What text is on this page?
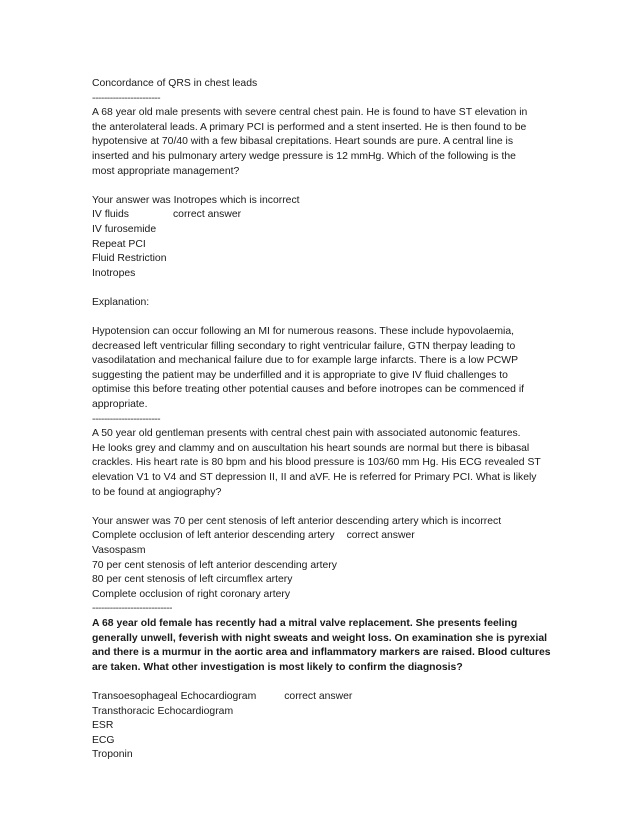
Concordance of QRS in chest leads
-----------------------
A 68 year old male presents with severe central chest pain. He is found to have ST elevation in
the anterolateral leads. A primary PCI is performed and a stent inserted. He is then found to be
hypotensive at 70/40 with a few bibasal crepitations. Heart sounds are pure. A central line is
inserted and his pulmonary artery wedge pressure is 12 mmHg. Which of the following is the
most appropriate management?
Your answer was Inotropes which is incorrect
IV fluids	correct answer
IV furosemide
Repeat PCI
Fluid Restriction
Inotropes
Explanation:
Hypotension can occur following an MI for numerous reasons. These include hypovolaemia,
decreased left ventricular filling secondary to right ventricular failure, GTN therpay leading to
vasodilatation and mechanical failure due to for example large infarcts. There is a low PCWP
suggesting the patient may be underfilled and it is appropriate to give IV fluid challenges to
optimise this before treating other potential causes and before inotropes can be commenced if
appropriate.
-----------------------
A 50 year old gentleman presents with central chest pain with associated autonomic features.
He looks grey and clammy and on auscultation his heart sounds are normal but there is bibasal
crackles. His heart rate is 80 bpm and his blood pressure is 103/60 mm Hg. His ECG revealed ST
elevation V1 to V4 and ST depression II, II and aVF. He is referred for Primary PCI. What is likely
to be found at angiography?
Your answer was 70 per cent stenosis of left anterior descending artery which is incorrect
Complete occlusion of left anterior descending artery correct answer
Vasospasm
70 per cent stenosis of left anterior descending artery
80 per cent stenosis of left circumflex artery
Complete occlusion of right coronary artery
---------------------------
A 68 year old female has recently had a mitral valve replacement. She presents feeling
generally unwell, feverish with night sweats and weight loss. On examination she is pyrexial
and there is a murmur in the aortic area and inflammatory markers are raised. Blood cultures
are taken. What other investigation is most likely to confirm the diagnosis?
Transoesophageal Echocardiogram	correct answer
Transthoracic Echocardiogram
ESR
ECG
Troponin
